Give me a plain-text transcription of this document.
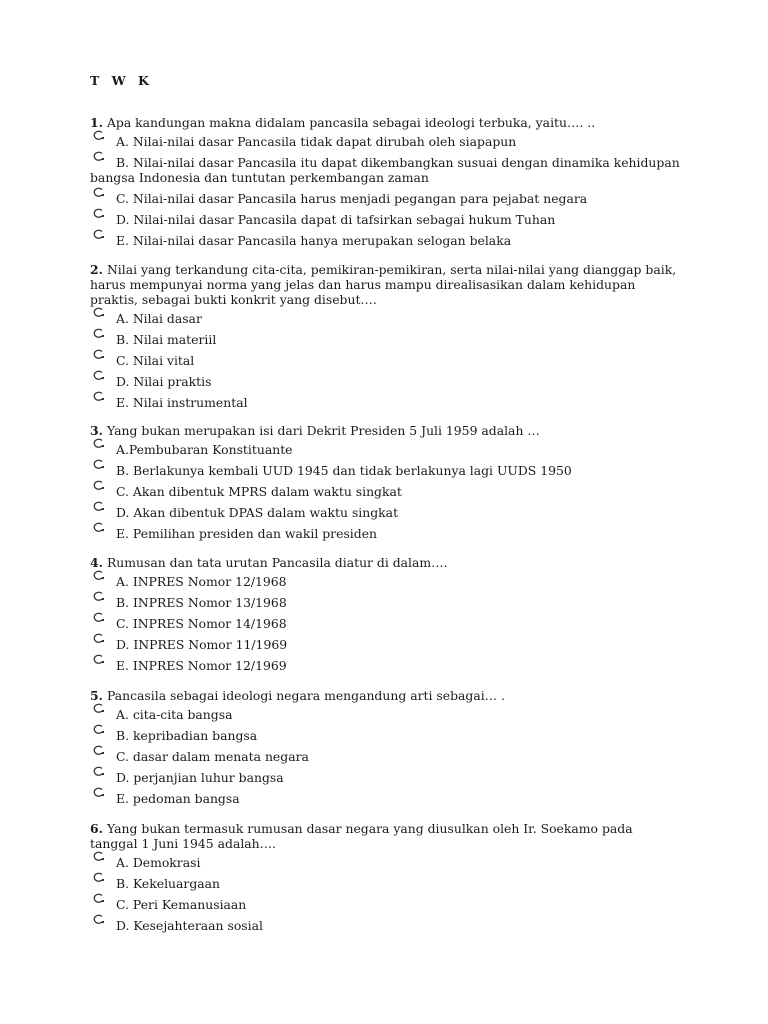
T W K
1. Apa kandungan makna didalam pancasila sebagai ideologi terbuka, yaitu…. ..
A. Nilai-nilai dasar Pancasila tidak dapat dirubah oleh siapapun
B. Nilai-nilai dasar Pancasila itu dapat dikembangkan susuai dengan dinamika kehidupan bangsa Indonesia dan tuntutan perkembangan zaman
C. Nilai-nilai dasar Pancasila harus menjadi pegangan para pejabat negara
D. Nilai-nilai dasar Pancasila dapat di tafsirkan sebagai hukum Tuhan
E. Nilai-nilai dasar Pancasila hanya merupakan selogan belaka
2. Nilai yang terkandung cita-cita, pemikiran-pemikiran, serta nilai-nilai yang dianggap baik, harus mempunyai norma yang jelas dan harus mampu direalisasikan dalam kehidupan praktis, sebagai bukti konkrit yang disebut….
A. Nilai dasar
B. Nilai materiil
C. Nilai vital
D. Nilai praktis
E. Nilai instrumental
3. Yang bukan merupakan isi dari Dekrit Presiden 5 Juli 1959 adalah …
A.Pembubaran Konstituante
B. Berlakunya kembali UUD 1945 dan tidak berlakunya lagi UUDS 1950
C. Akan dibentuk MPRS dalam waktu singkat
D. Akan dibentuk DPAS dalam waktu singkat
E. Pemilihan presiden dan wakil presiden
4. Rumusan dan tata urutan Pancasila diatur di dalam….
A. INPRES Nomor 12/1968
B. INPRES Nomor 13/1968
C. INPRES Nomor 14/1968
D. INPRES Nomor 11/1969
E. INPRES Nomor 12/1969
5. Pancasila sebagai ideologi negara mengandung arti sebagai… .
A. cita-cita bangsa
B. kepribadian bangsa
C. dasar dalam menata negara
D. perjanjian luhur bangsa
E. pedoman bangsa
6. Yang bukan termasuk rumusan dasar negara yang diusulkan oleh Ir. Soekamo pada tanggal 1 Juni 1945 adalah….
A. Demokrasi
B. Kekeluargaan
C. Peri Kemanusiaan
D. Kesejahteraan sosial
